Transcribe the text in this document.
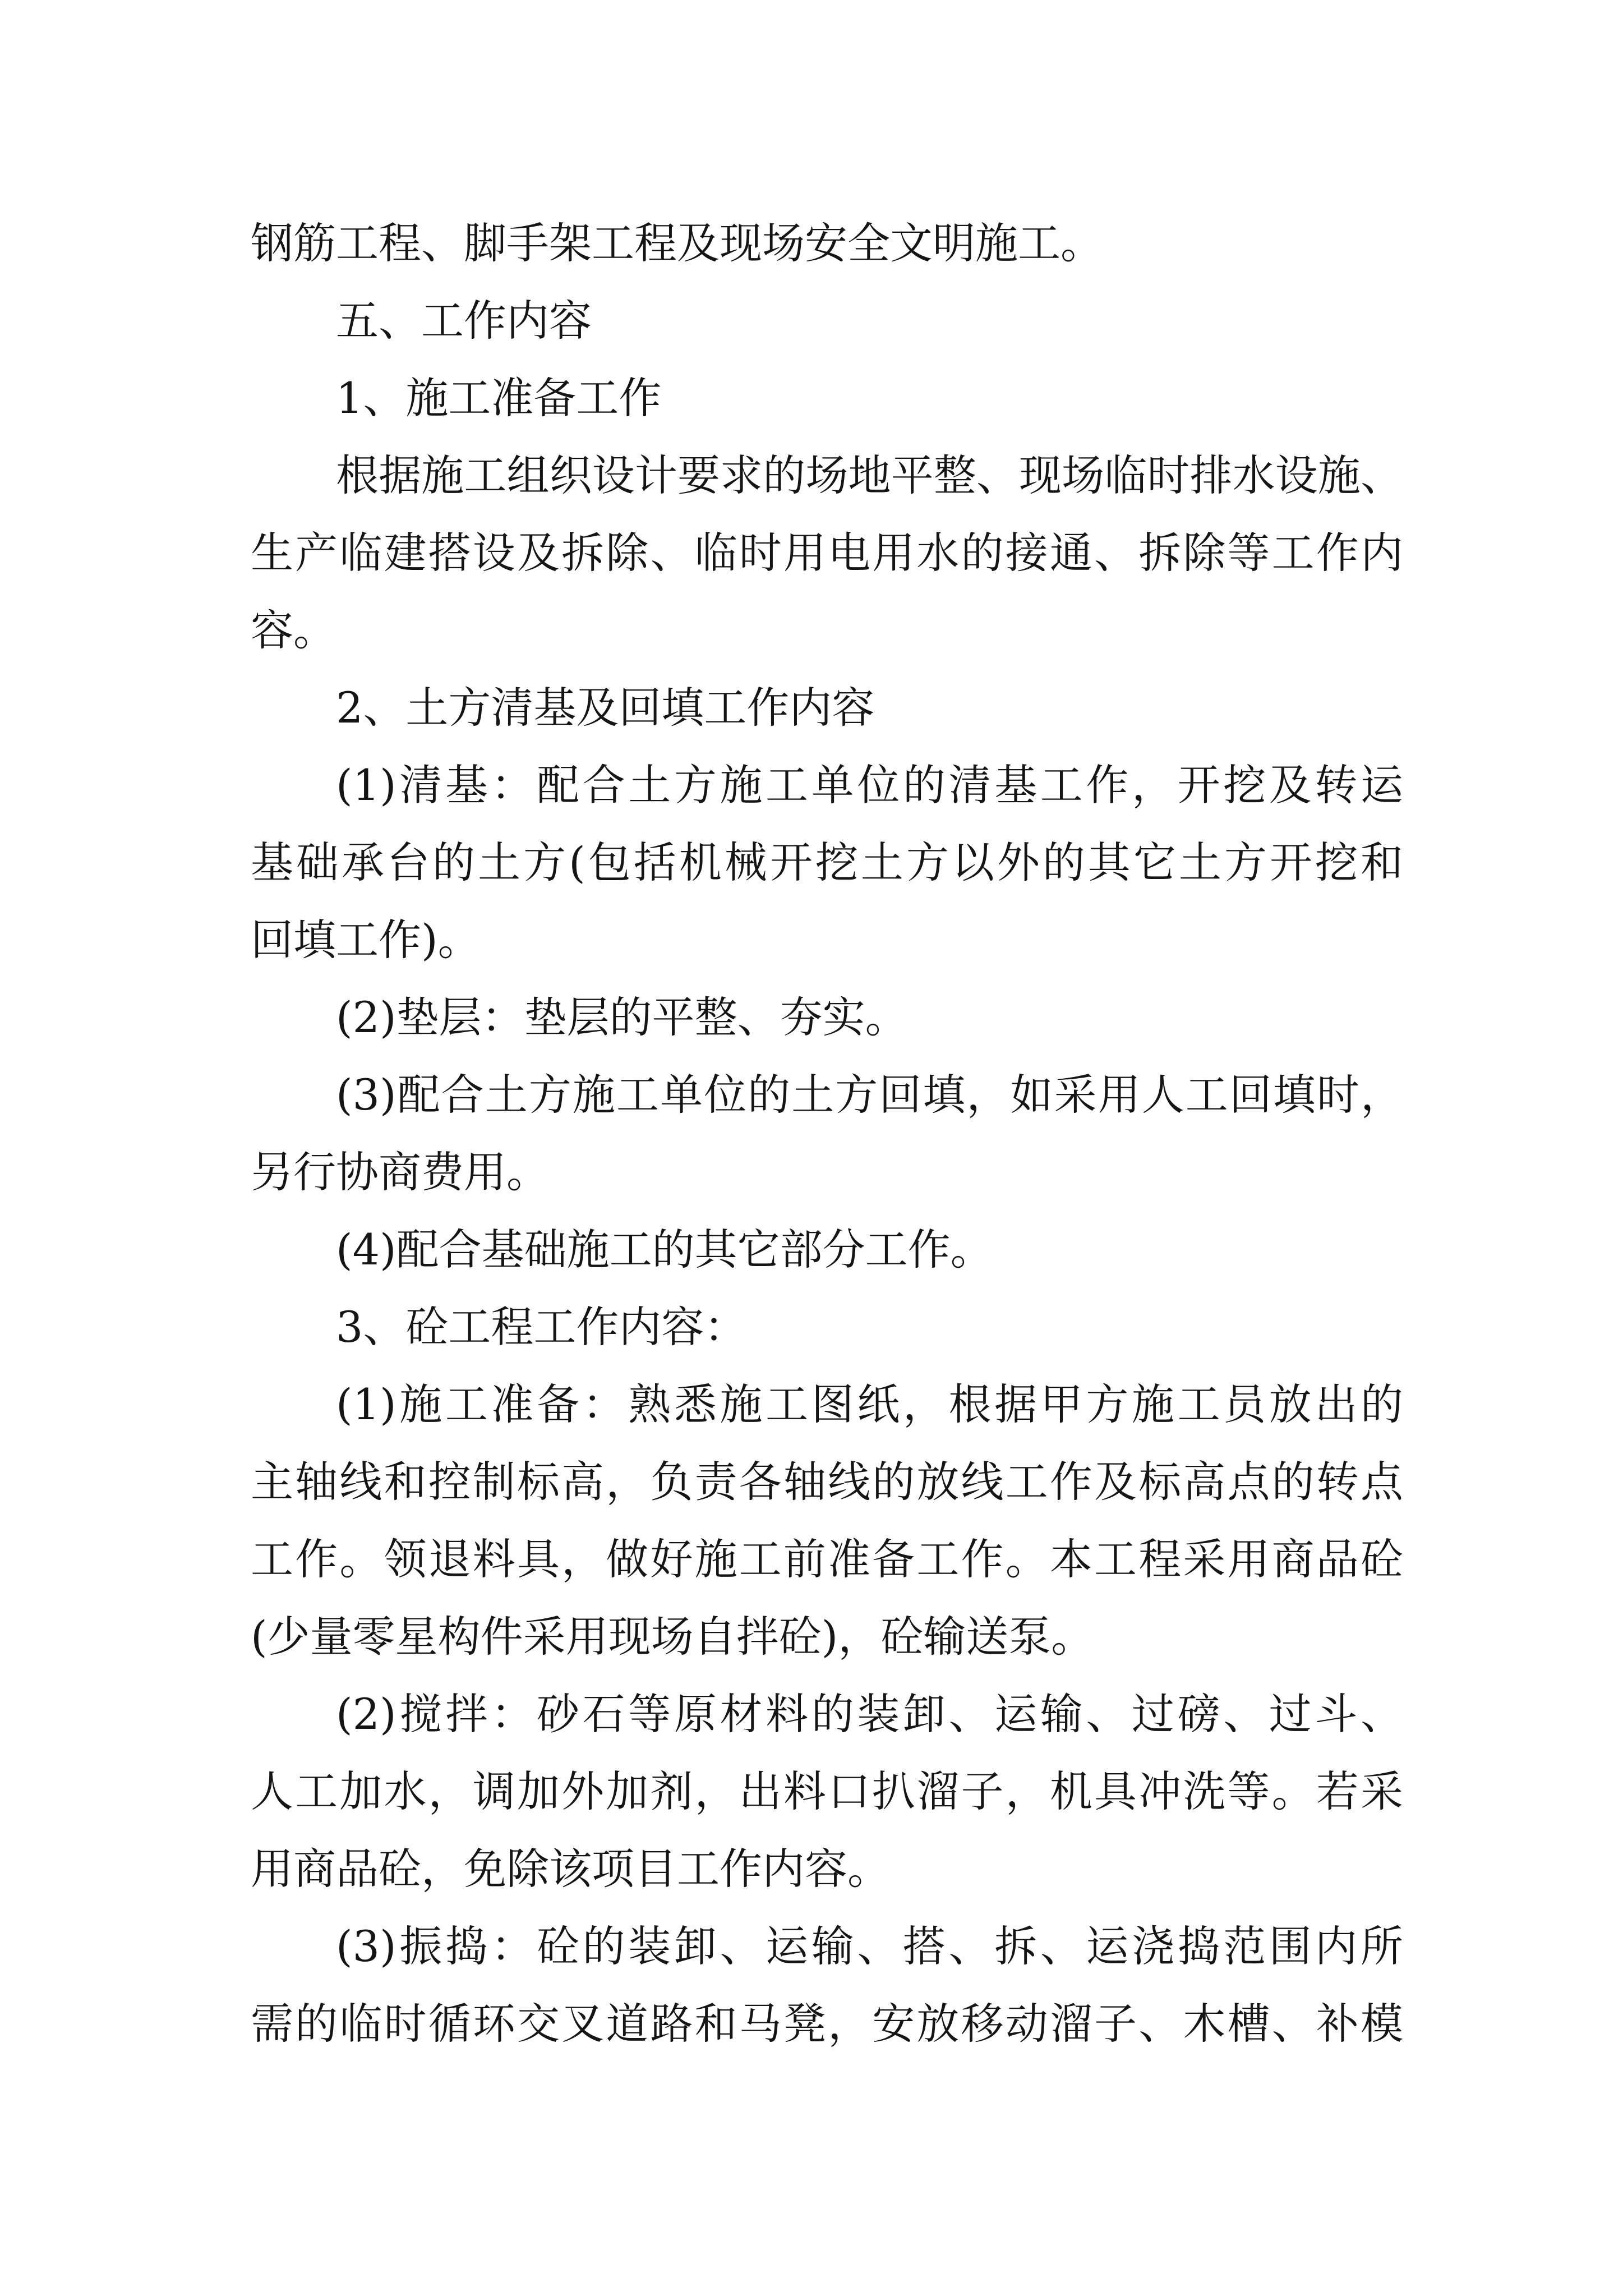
钢筋工程、脚手架工程及现场安全文明施工。
五、工作内容
1、施工准备工作
根据施工组织设计要求的场地平整、现场临时排水设施、
生产临建搭设及拆除、临时用电用水的接通、拆除等工作内
容。
2、土方清基及回填工作内容
(1)清基：配合土方施工单位的清基工作，开挖及转运
基础承台的土方(包括机械开挖土方以外的其它土方开挖和
回填工作)。
(2)垫层：垫层的平整、夯实。
(3)配合土方施工单位的土方回填，如采用人工回填时，
另行协商费用。
(4)配合基础施工的其它部分工作。
3、砼工程工作内容：
(1)施工准备：熟悉施工图纸，根据甲方施工员放出的
主轴线和控制标高，负责各轴线的放线工作及标高点的转点
工作。领退料具，做好施工前准备工作。本工程采用商品砼
(少量零星构件采用现场自拌砼)，砼输送泵。
(2)搅拌：砂石等原材料的装卸、运输、过磅、过斗、
人工加水，调加外加剂，出料口扒溜子，机具冲洗等。若采
用商品砼，免除该项目工作内容。
(3)振捣：砼的装卸、运输、搭、拆、运浇捣范围内所
需的临时循环交叉道路和马凳，安放移动溜子、木槽、补模
